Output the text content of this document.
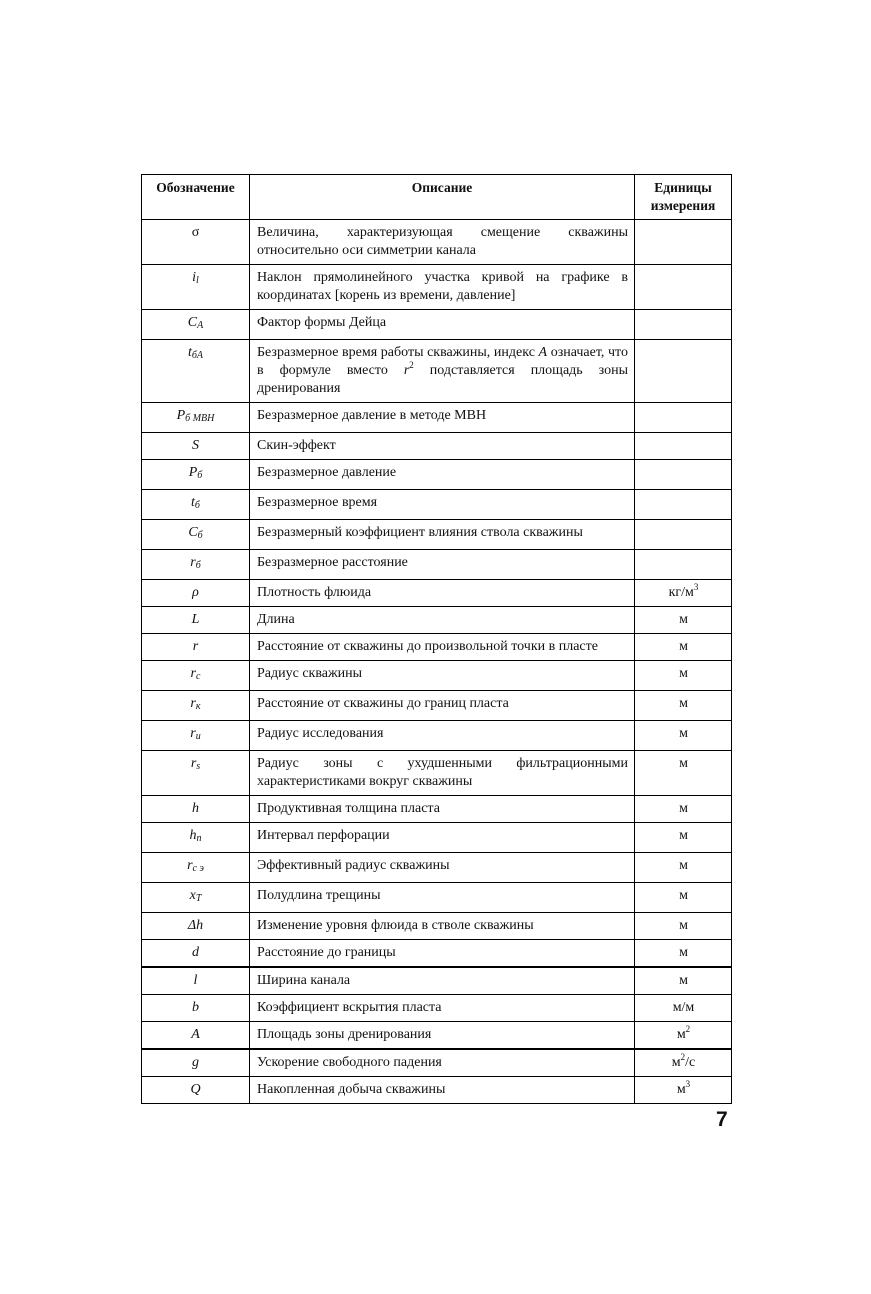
Обозначение	Описание	Единицы измерения
σ	Величина, характеризующая смещение скважины относительно оси симметрии канала	
$i_l$	Наклон прямолинейного участка кривой на графике в координатах [корень из времени, давление]	
$C_A$	Фактор формы Дейца	
$t_{бA}$	Безразмерное время работы скважины, индекс A означает, что в формуле вместо $r^2$ подставляется площадь зоны дренирования	
$P_{б МВН}$	Безразмерное давление в методе МВН	
S	Скин-эффект	
$P_б$	Безразмерное давление	
$t_б$	Безразмерное время	
$C_б$	Безразмерный коэффициент влияния ствола скважины	
$r_б$	Безразмерное расстояние	
ρ	Плотность флюида	$кг/м^3$
L	Длина	м
r	Расстояние от скважины до произвольной точки в пласте	м
$r_с$	Радиус скважины	м
$r_к$	Расстояние от скважины до границ пласта	м
$r_и$	Радиус исследования	м
$r_s$	Радиус зоны с ухудшенными фильтрационными характеристиками вокруг скважины	м
h	Продуктивная толщина пласта	м
$h_п$	Интервал перфорации	м
$r_{с э}$	Эффективный радиус скважины	м
$x_T$	Полудлина трещины	м
Δh	Изменение уровня флюида в стволе скважины	м
d	Расстояние до границы	м
l	Ширина канала	м
b	Коэффициент вскрытия пласта	м/м
A	Площадь зоны дренирования	$м^2$
g	Ускорение свободного падения	$м^2/с$
Q	Накопленная добыча скважины	$м^3$
7
